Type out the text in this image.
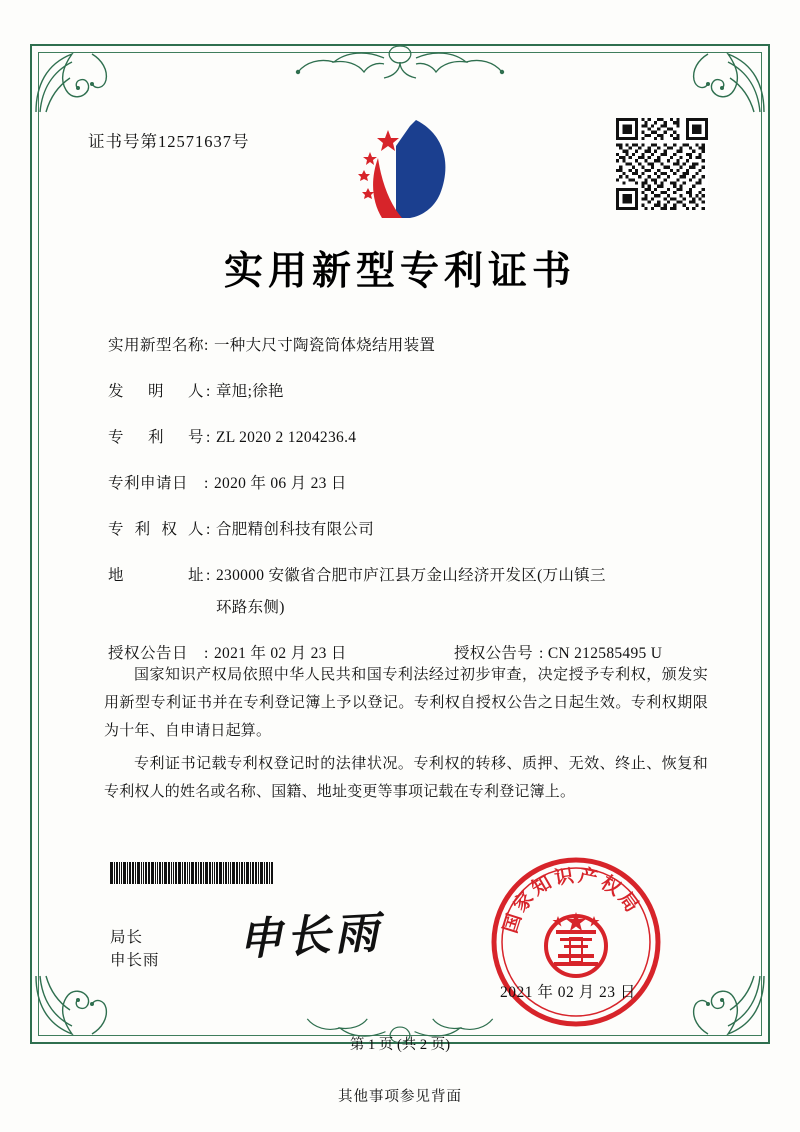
证书号第12571637号
实用新型专利证书
实用新型名称 : 一种大尺寸陶瓷筒体烧结用装置
发 明 人 : 章旭;徐艳
专 利 号 : ZL 2020 2 1204236.4
专利申请日	: 2020 年 06 月 23 日
专 利 权 人 : 合肥精创科技有限公司
地 址 : 230000 安徽省合肥市庐江县万金山经济开发区(万山镇三
环路东侧)
授权公告日	: 2021 年 02 月 23 日	授权公告号 : CN 212585495 U

国家知识产权局依照中华人民共和国专利法经过初步审查，决定授予专利权，颁发实用新型专利证书并在专利登记簿上予以登记。专利权自授权公告之日起生效。专利权期限为十年、自申请日起算。

专利证书记载专利权登记时的法律状况。专利权的转移、质押、无效、终止、恢复和专利权人的姓名或名称、国籍、地址变更等事项记载在专利登记簿上。

局长
申长雨 申长雨	国家知识产权局
2021 年 02 月 23 日
第 1 页 (共 2 页)
其他事项参见背面
